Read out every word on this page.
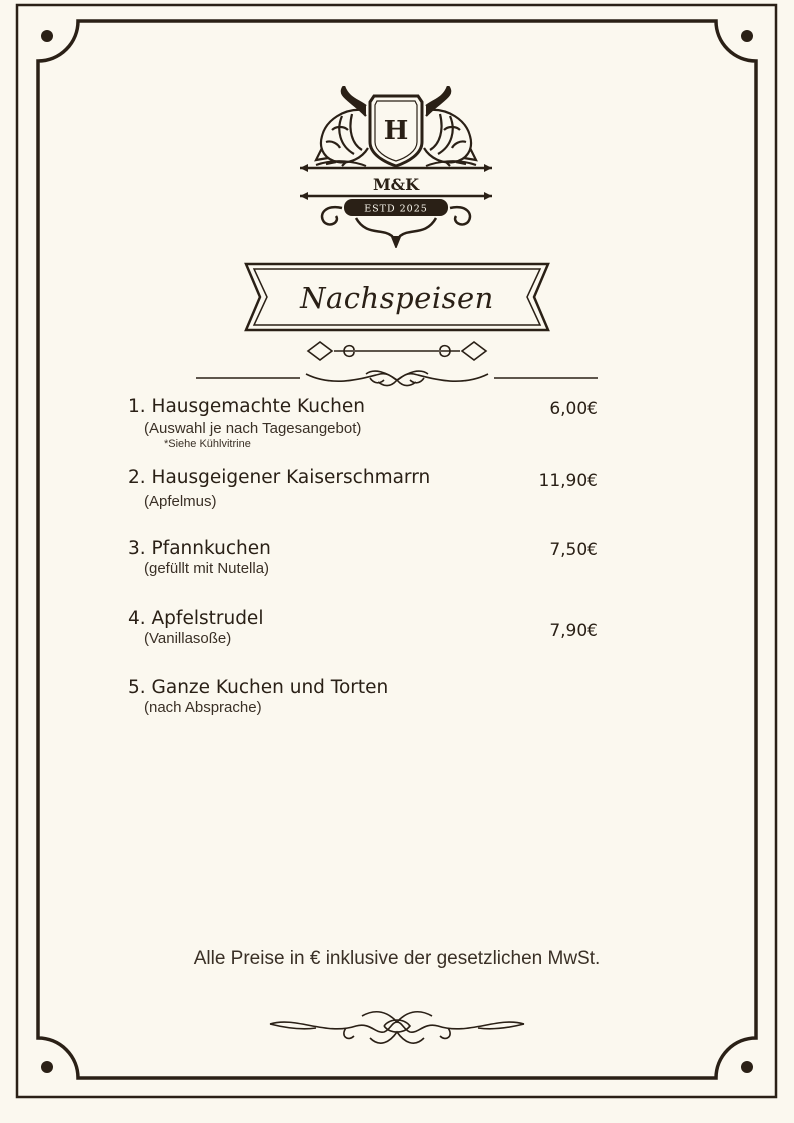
H
M&K
ESTD 2025
Nachspeisen
1. Hausgemachte Kuchen
(Auswahl je nach Tagesangebot)
*Siehe Kühlvitrine
6,00€
2. Hausgeigener Kaiserschmarrn
(Apfelmus)
11,90€
3. Pfannkuchen
(gefüllt mit Nutella)
7,50€
4. Apfelstrudel
(Vanillasoße)	7,90€
5. Ganze Kuchen und Torten
(nach Absprache)
Alle Preise in € inklusive der gesetzlichen MwSt.
